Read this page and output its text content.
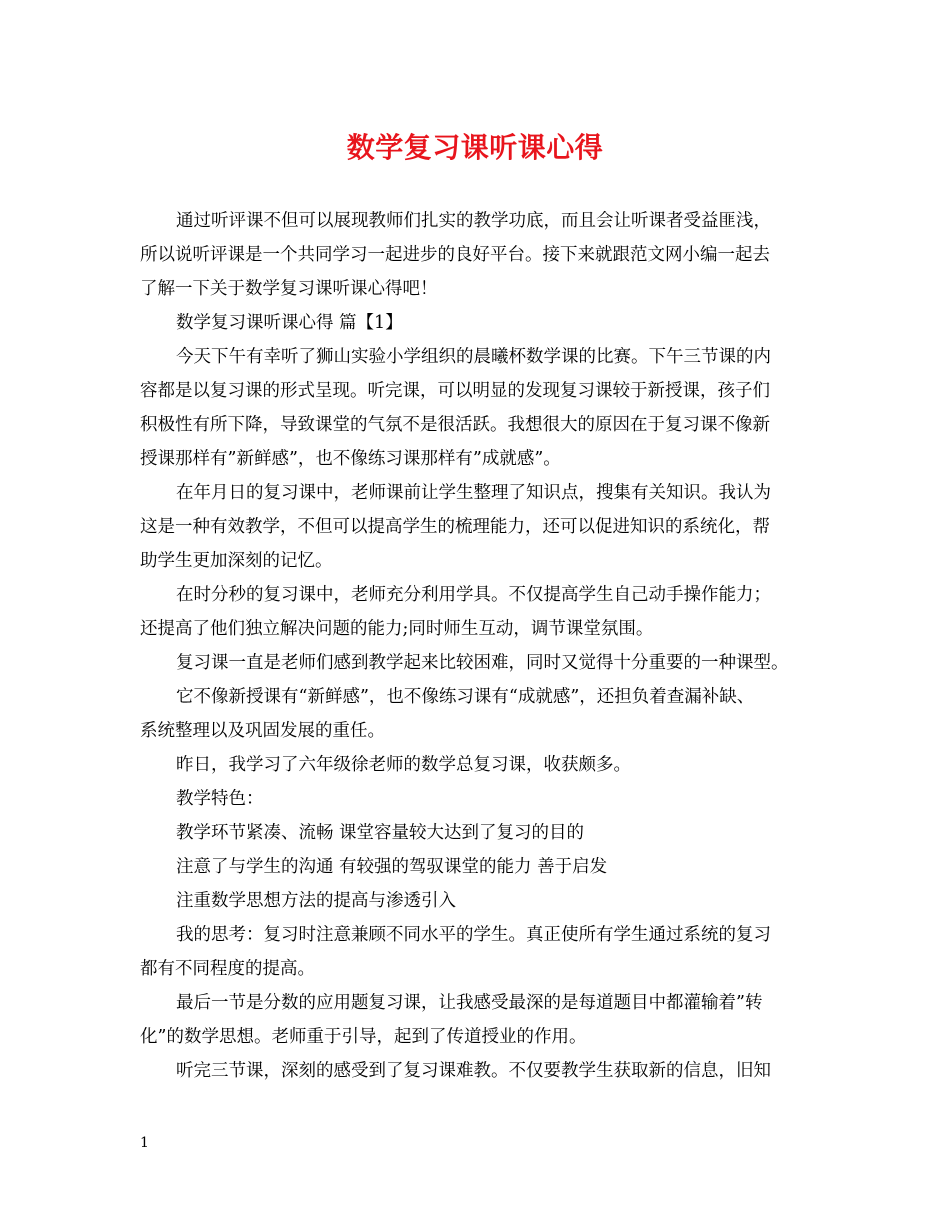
数学复习课听课心得
通过听评课不但可以展现教师们扎实的教学功底，而且会让听课者受益匪浅，
所以说听评课是一个共同学习一起进步的良好平台。接下来就跟范文网小编一起去
了解一下关于数学复习课听课心得吧！
数学复习课听课心得 篇【1】
今天下午有幸听了狮山实验小学组织的晨曦杯数学课的比赛。下午三节课的内
容都是以复习课的形式呈现。听完课，可以明显的发现复习课较于新授课，孩子们
积极性有所下降，导致课堂的气氛不是很活跃。我想很大的原因在于复习课不像新
授课那样有”新鲜感”，也不像练习课那样有”成就感”。
在年月日的复习课中，老师课前让学生整理了知识点，搜集有关知识。我认为
这是一种有效教学，不但可以提高学生的梳理能力，还可以促进知识的系统化，帮
助学生更加深刻的记忆。
在时分秒的复习课中，老师充分利用学具。不仅提高学生自己动手操作能力；
还提高了他们独立解决问题的能力;同时师生互动，调节课堂氛围。
复习课一直是老师们感到教学起来比较困难，同时又觉得十分重要的一种课型。
它不像新授课有“新鲜感”，也不像练习课有“成就感”，还担负着查漏补缺、
系统整理以及巩固发展的重任。
昨日，我学习了六年级徐老师的数学总复习课，收获颇多。
教学特色：
教学环节紧凑、流畅 课堂容量较大达到了复习的目的
注意了与学生的沟通 有较强的驾驭课堂的能力 善于启发
注重数学思想方法的提高与渗透引入
我的思考：复习时注意兼顾不同水平的学生。真正使所有学生通过系统的复习
都有不同程度的提高。
最后一节是分数的应用题复习课，让我感受最深的是每道题目中都灌输着”转
化”的数学思想。老师重于引导，起到了传道授业的作用。
听完三节课，深刻的感受到了复习课难教。不仅要教学生获取新的信息，旧知
1
